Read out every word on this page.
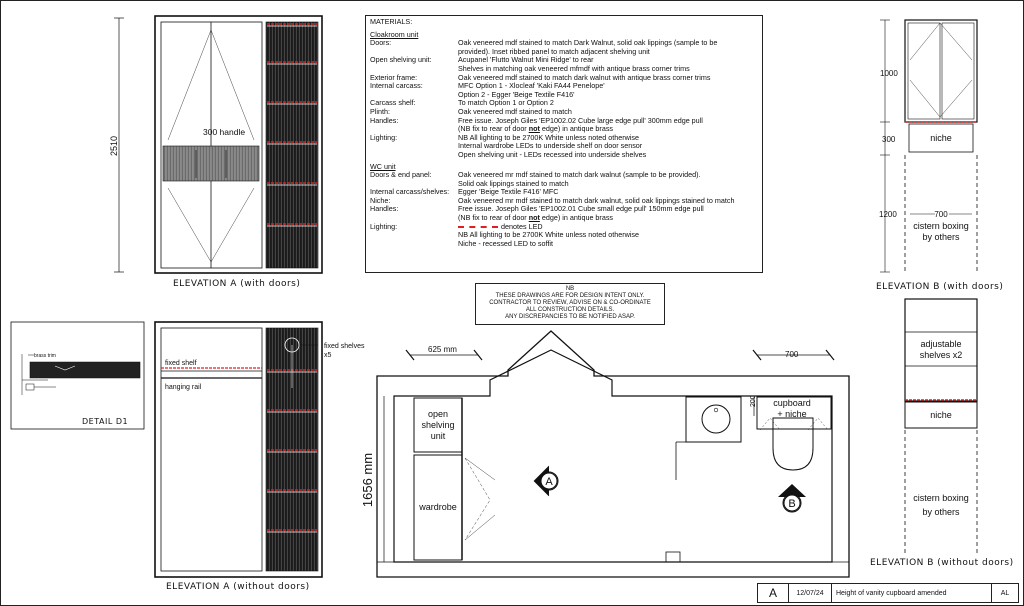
MATERIALS:
Cloakroom unit
Doors:	Oak veneered mdf stained to match Dark Walnut, solid oak lippings (sample to be
provided). Inset ribbed panel to match adjacent shelving unit
Open shelving unit:	Acupanel 'Flutto Walnut Mini Ridge' to rear
Shelves in matching oak veneered mfmdf with antique brass corner trims
Exterior frame:	Oak veneered mdf stained to match dark walnut with antique brass corner trims
Internal carcass:	MFC Option 1 - Xlocleaf 'Kaki FA44 Penelope'
Option 2 - Egger 'Beige Textile F416'
Carcass shelf:	To match Option 1 or Option 2
Plinth:	Oak veneered mdf stained to match
Handles:	Free issue. Joseph Giles 'EP1002.02 Cube large edge pull' 300mm edge pull
(NB fix to rear of door not edge) in antique brass
Lighting:	NB All lighting to be 2700K White unless noted otherwise
Internal wardrobe LEDs to underside shelf on door sensor
Open shelving unit - LEDs recessed into underside shelves
WC unit
Doors & end panel:	Oak veneered mr mdf stained to match dark walnut (sample to be provided).
Solid oak lippings stained to match
Internal carcass/shelves:	Egger 'Beige Textile F416' MFC
Niche:	Oak veneered mr mdf stained to match dark walnut, solid oak lippings stained to match
Handles:	Free issue. Joseph Giles 'EP1002.01 Cube small edge pull' 150mm edge pull
(NB fix to rear of door not edge) in antique brass
Lighting:	denotes LED
NB All lighting to be 2700K White unless noted otherwise
Niche - recessed LED to soffit
NB
THESE DRAWINGS ARE FOR DESIGN INTENT ONLY.
CONTRACTOR TO REVIEW, ADVISE ON & CO-ORDINATE
ALL CONSTRUCTION DETAILS.
ANY DISCREPANCIES TO BE NOTIFIED ASAP.
2510
300 handle
ELEVATION A (with doors)
fixed shelf
hanging rail
fixed shelves
x5
ELEVATION A (without doors)
brass trim
DETAIL D1
1000
300
1200	700
niche
cistern boxing
by others
ELEVATION B (with doors)
adjustable
shelves x2
niche
cistern boxing
by others
ELEVATION B (without doors)
A
B
625 mm
700
200
1656 mm
open
shelving
unit
wardrobe
cupboard
+ niche
A	12/07/24	Height of vanity cupboard amended	AL
